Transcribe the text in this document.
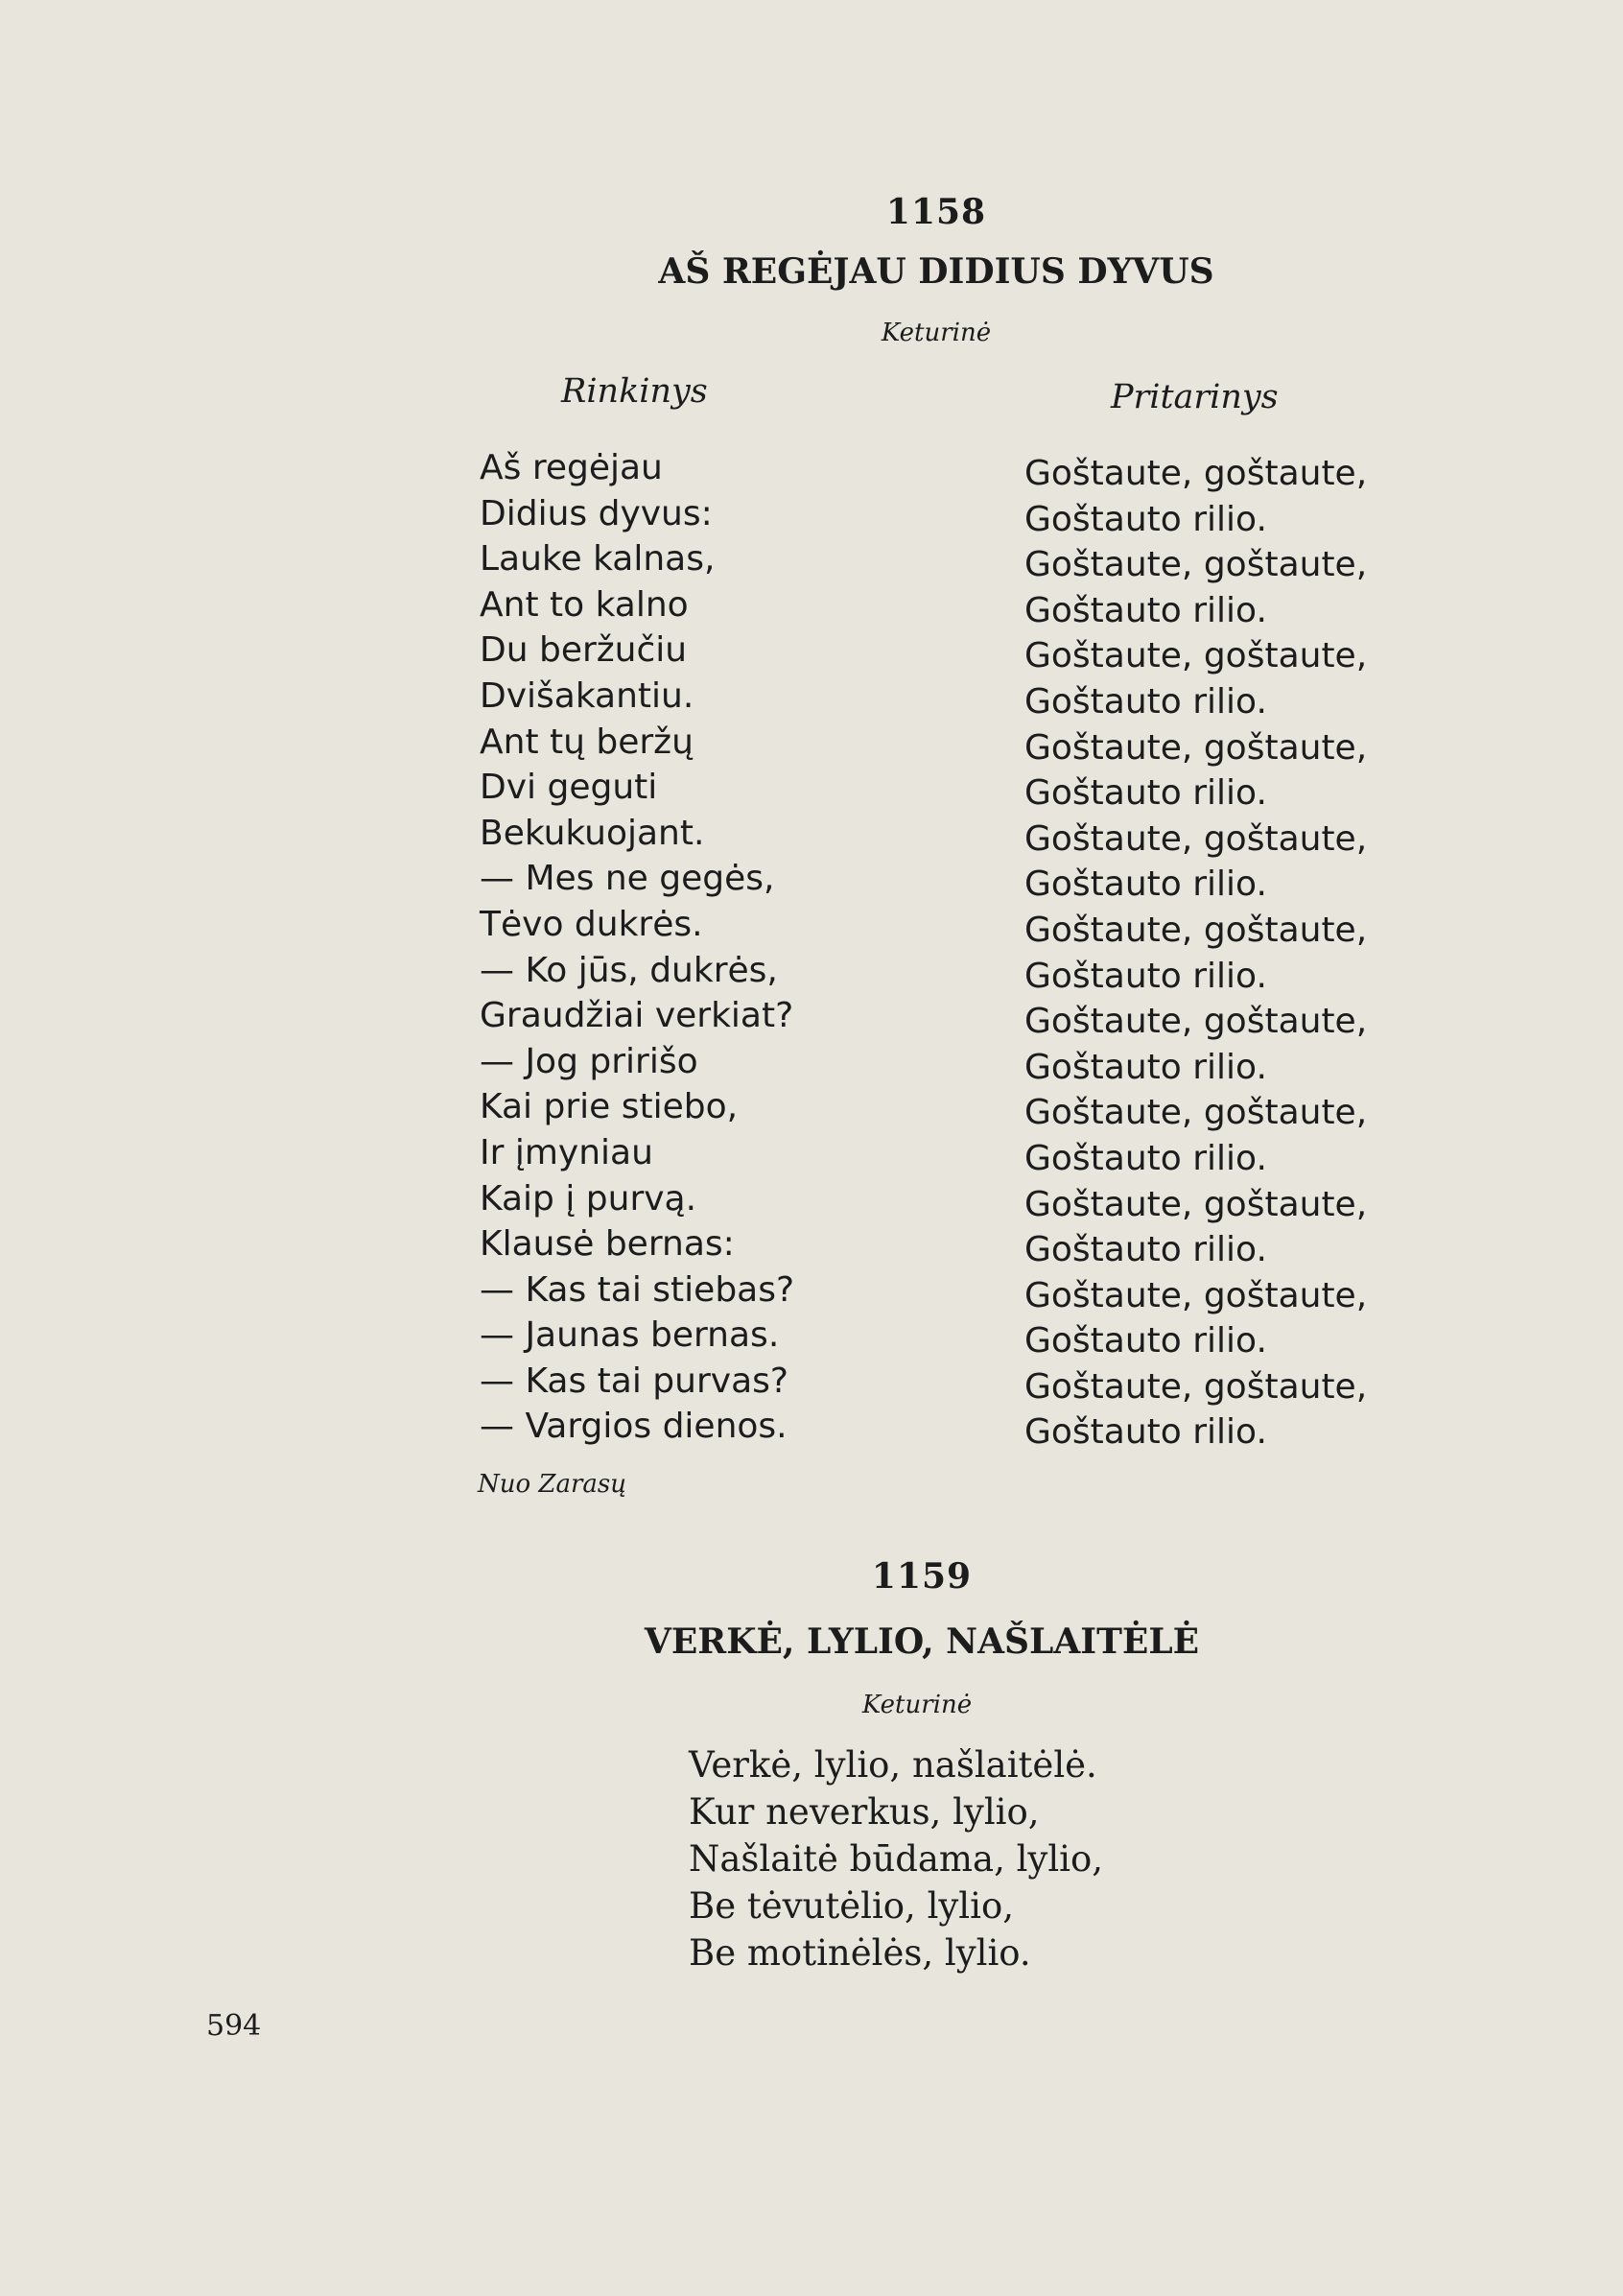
1158
AŠ REGĖJAU DIDIUS DYVUS
Keturinė
Rinkinys	Pritarinys
Aš regėjau
Didius dyvus:
Lauke kalnas,
Ant to kalno
Du beržučiu
Dvišakantiu.
Ant tų beržų
Dvi geguti
Bekukuojant.
— Mes ne gegės,
Tėvo dukrės.
— Ko jūs, dukrės,
Graudžiai verkiat?
— Jog pririšo
Kai prie stiebo,
Ir įmyniau
Kaip į purvą.
Klausė bernas:
— Kas tai stiebas?
— Jaunas bernas.
— Kas tai purvas?
— Vargios dienos.
Goštaute, goštaute,
Goštauto rilio.
Goštaute, goštaute,
Goštauto rilio.
Goštaute, goštaute,
Goštauto rilio.
Goštaute, goštaute,
Goštauto rilio.
Goštaute, goštaute,
Goštauto rilio.
Goštaute, goštaute,
Goštauto rilio.
Goštaute, goštaute,
Goštauto rilio.
Goštaute, goštaute,
Goštauto rilio.
Goštaute, goštaute,
Goštauto rilio.
Goštaute, goštaute,
Goštauto rilio.
Goštaute, goštaute,
Goštauto rilio.
Nuo Zarasų
1159
VERKĖ, LYLIO, NAŠLAITĖLĖ
Keturinė
Verkė, lylio, našlaitėlė.
Kur neverkus, lylio,
Našlaitė būdama, lylio,
Be tėvutėlio, lylio,
Be motinėlės, lylio.
594
